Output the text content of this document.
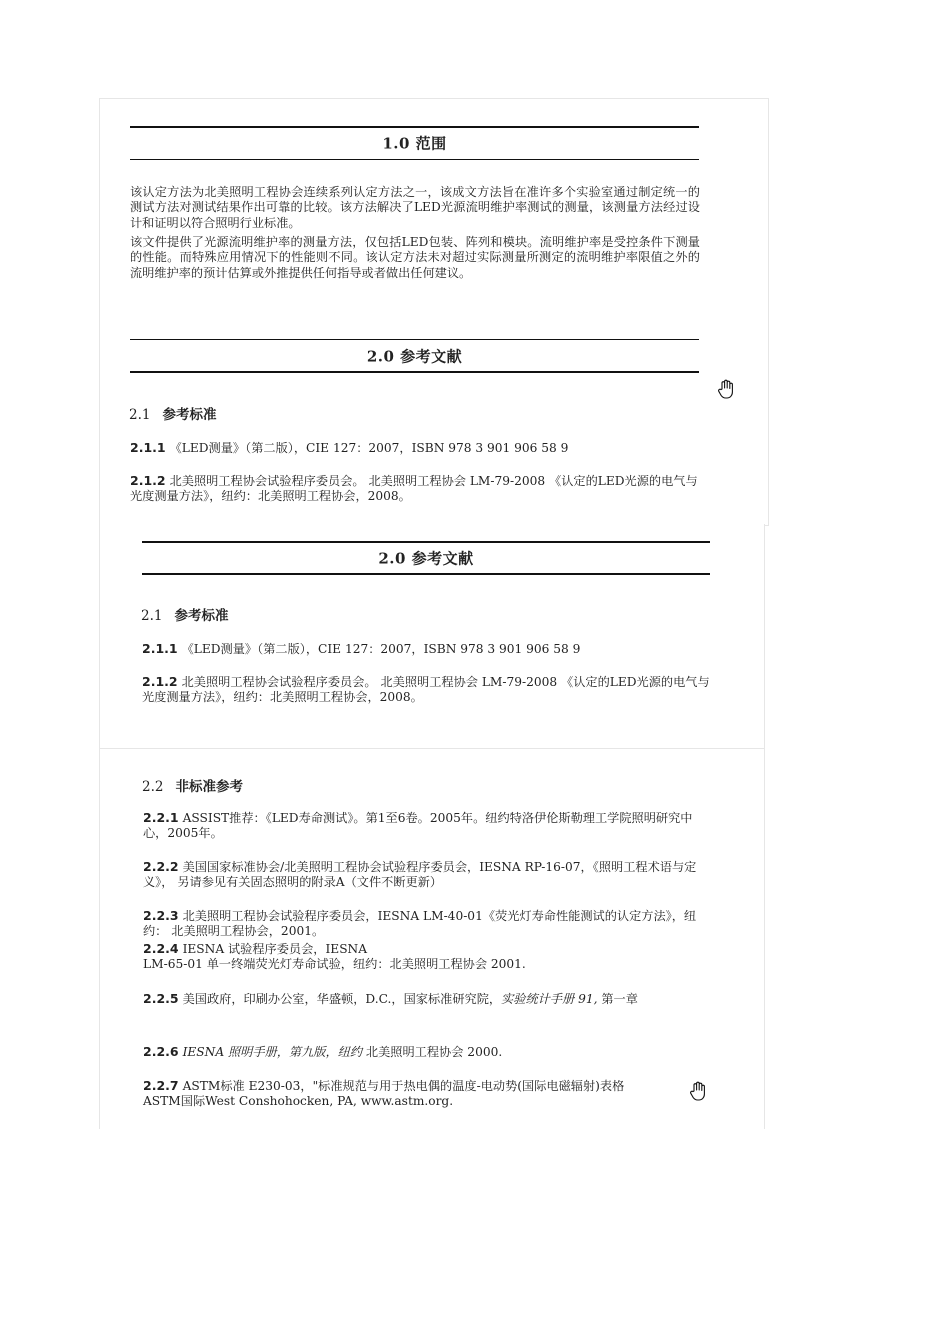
1.0 范围
该认定方法为北美照明工程协会连续系列认定方法之一，该成文方法旨在准许多个实验室通过制定统一的测试方法对测试结果作出可靠的比较。该方法解决了LED光源流明维护率测试的测量，该测量方法经过设计和证明以符合照明行业标准。
该文件提供了光源流明维护率的测量方法，仅包括LED包装、阵列和模块。流明维护率是受控条件下测量的性能。而特殊应用情况下的性能则不同。该认定方法未对超过实际测量所测定的流明维护率限值之外的流明维护率的预计估算或外推提供任何指导或者做出任何建议。
2.0 参考文献
2.1 参考标准
2.1.1 《LED测量》（第二版），CIE 127：2007，ISBN 978 3 901 906 58 9
2.1.2 北美照明工程协会试验程序委员会。 北美照明工程协会 LM-79-2008 《认定的LED光源的电气与光度测量方法》，纽约：北美照明工程协会，2008。
2.0 参考文献
2.1 参考标准
2.1.1 《LED测量》（第二版），CIE 127：2007，ISBN 978 3 901 906 58 9
2.1.2 北美照明工程协会试验程序委员会。 北美照明工程协会 LM-79-2008 《认定的LED光源的电气与光度测量方法》，纽约：北美照明工程协会，2008。
2.2 非标准参考
2.2.1 ASSIST推荐：《LED寿命测试》。第1至6卷。2005年。纽约特洛伊伦斯勒理工学院照明研究中心，2005年。
2.2.2 美国国家标准协会/北美照明工程协会试验程序委员会，IESNA RP-16-07，《照明工程术语与定义》， 另请参见有关固态照明的附录A（文件不断更新）
2.2.3 北美照明工程协会试验程序委员会，IESNA LM-40-01《荧光灯寿命性能测试的认定方法》，纽约： 北美照明工程协会，2001。
2.2.4 IESNA 试验程序委员会，IESNA
LM-65-01 单一终端荧光灯寿命试验，纽约：北美照明工程协会 2001.
2.2.5 美国政府，印刷办公室，华盛顿，D.C.，国家标准研究院，实验统计手册 91, 第一章
2.2.6 IESNA 照明手册，第九版，纽约 北美照明工程协会 2000.
2.2.7 ASTM标准 E230-03，"标准规范与用于热电偶的温度-电动势(国际电磁辐射)表格
ASTM国际West Conshohocken, PA, www.astm.org.
